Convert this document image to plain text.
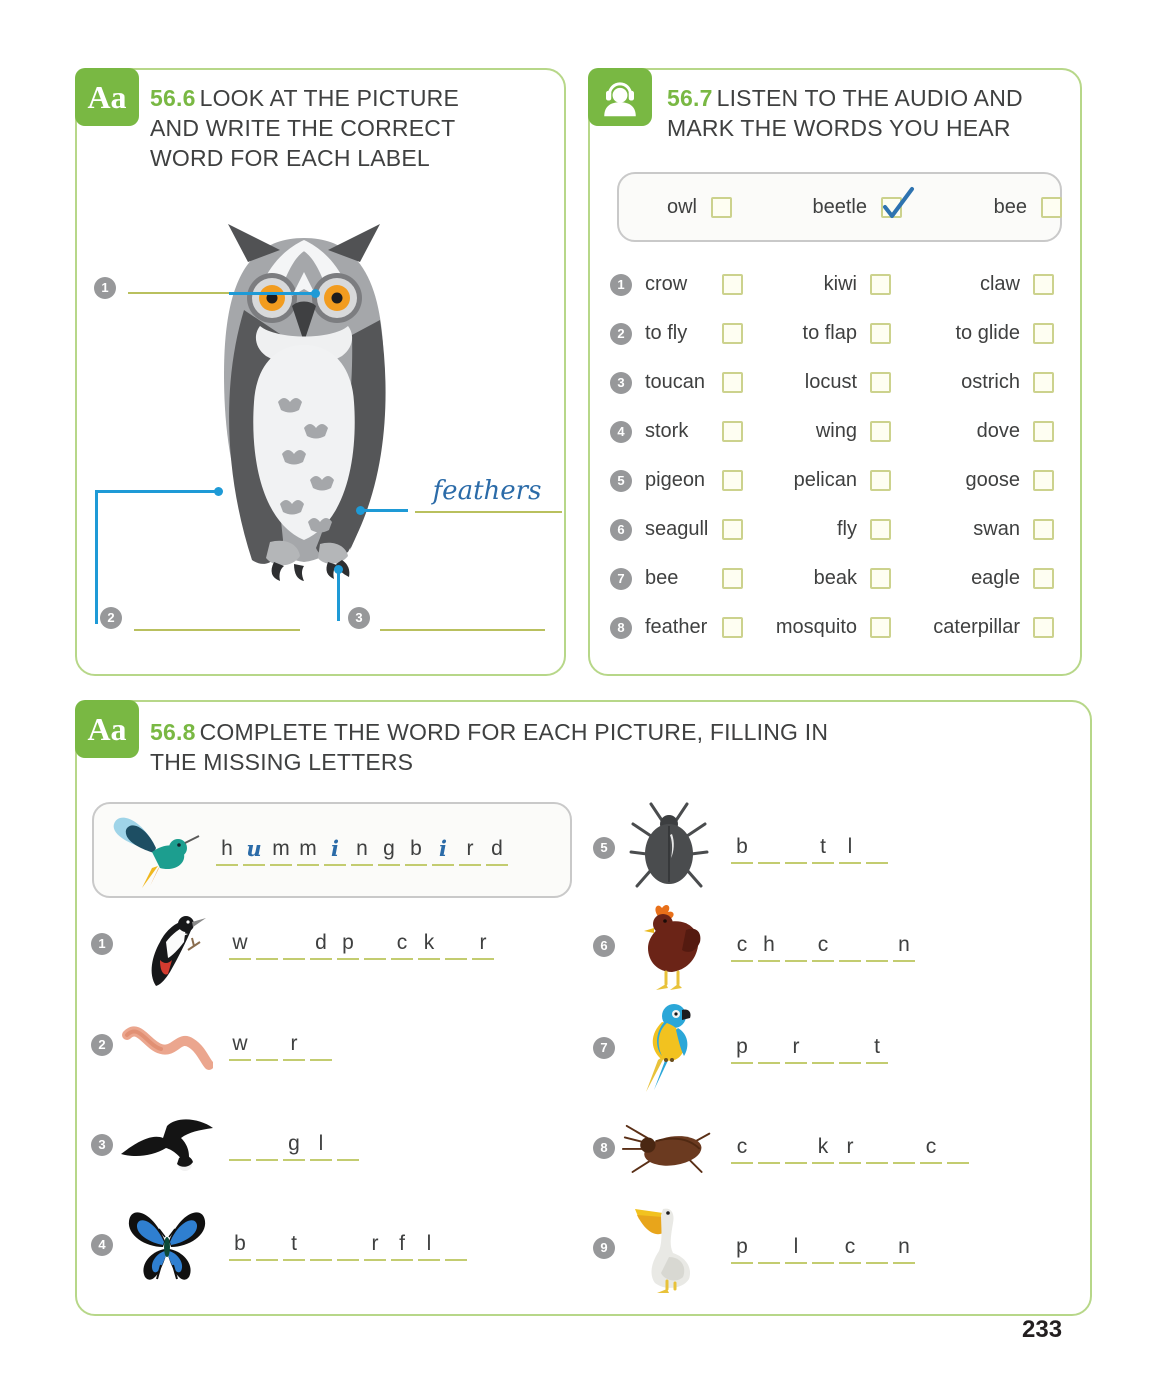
Aa 56.6 LOOK AT THE PICTURE AND WRITE THE CORRECT WORD FOR EACH LABEL
1
2	3
feathers
56.7 LISTEN TO THE AUDIO AND MARK THE WORDS YOU HEAR
owl	beetle	bee
1	crow	kiwi	claw
2	to fly	to flap	to glide
3	toucan	locust	ostrich
4	stork	wing	dove
5	pigeon	pelican	goose
6	seagull	fly	swan
7	bee	beak	eagle
8	feather	mosquito	caterpillar
Aa 56.8 COMPLETE THE WORD FOR EACH PICTURE, FILLING IN THE MISSING LETTERS
h u m m i n g b i r d
1	w	d p c k	r
2	w	r
3	g l
4	b	t	r f	l
5	b	t	l
6	c h c	n
7	p	r	t
8	c	k r	c
9	p	l	c n
233
